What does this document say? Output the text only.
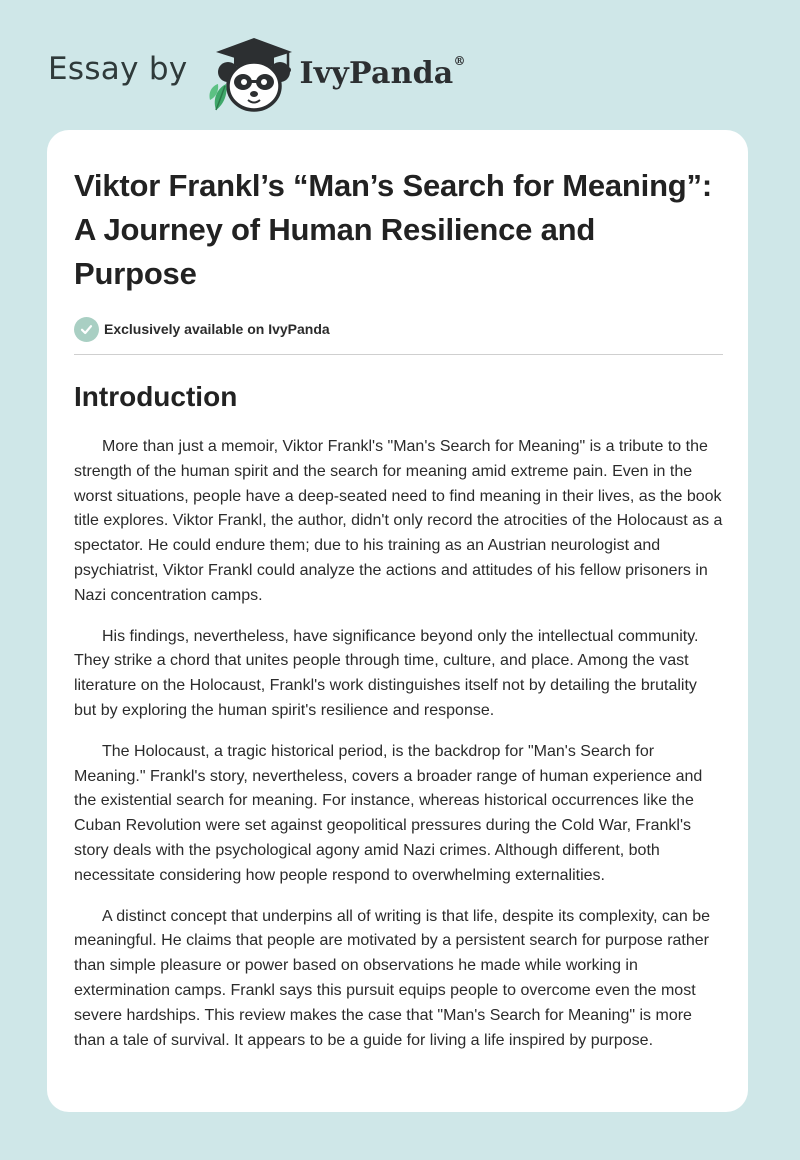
Essay by	IvyPanda®
Viktor Frankl’s “Man’s Search for Meaning”: A Journey of Human Resilience and Purpose
Exclusively available on IvyPanda
Introduction

More than just a memoir, Viktor Frankl's "Man's Search for Meaning" is a tribute to the strength of the human spirit and the search for meaning amid extreme pain. Even in the worst situations, people have a deep-seated need to find meaning in their lives, as the book title explores. Viktor Frankl, the author, didn't only record the atrocities of the Holocaust as a spectator. He could endure them; due to his training as an Austrian neurologist and psychiatrist, Viktor Frankl could analyze the actions and attitudes of his fellow prisoners in Nazi concentration camps.

His findings, nevertheless, have significance beyond only the intellectual community. They strike a chord that unites people through time, culture, and place. Among the vast literature on the Holocaust, Frankl's work distinguishes itself not by detailing the brutality but by exploring the human spirit's resilience and response.

The Holocaust, a tragic historical period, is the backdrop for "Man's Search for Meaning." Frankl's story, nevertheless, covers a broader range of human experience and the existential search for meaning. For instance, whereas historical occurrences like the Cuban Revolution were set against geopolitical pressures during the Cold War, Frankl's story deals with the psychological agony amid Nazi crimes. Although different, both necessitate considering how people respond to overwhelming externalities.

A distinct concept that underpins all of writing is that life, despite its complexity, can be meaningful. He claims that people are motivated by a persistent search for purpose rather than simple pleasure or power based on observations he made while working in extermination camps. Frankl says this pursuit equips people to overcome even the most severe hardships. This review makes the case that "Man's Search for Meaning" is more than a tale of survival. It appears to be a guide for living a life inspired by purpose.
